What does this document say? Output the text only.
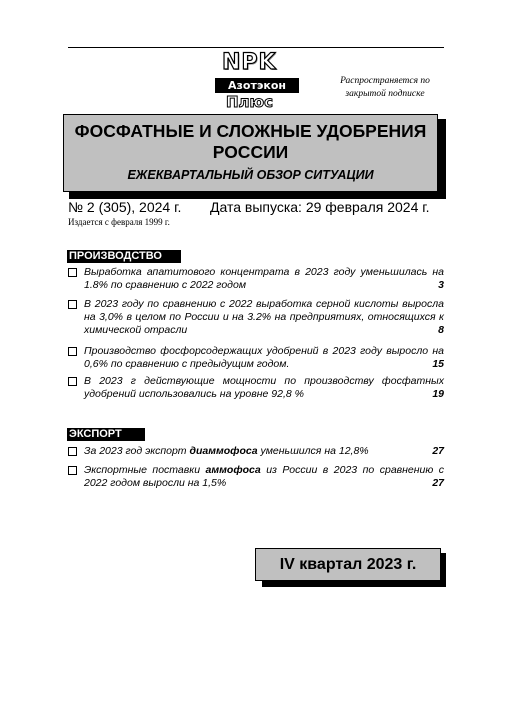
NPK
Азотэкон
Плюс
Распространяется по закрытой подписке
ФОСФАТНЫЕ И СЛОЖНЫЕ УДОБРЕНИЯ РОССИИ
ЕЖЕКВАРТАЛЬНЫЙ ОБЗОР СИТУАЦИИ
№ 2 (305), 2024 г. Дата выпуска: 29 февраля 2024 г.
Издается с февраля 1999 г.
ПРОИЗВОДСТВО
Выработка апатитового концентрата в 2023 году уменьшилась на 1.8% по сравнению с 2022 годом	3
В 2023 году по сравнению с 2022 выработка серной кислоты выросла на 3,0% в целом по России и на 3.2% на предприятиях, относящихся к химической отрасли	8
Производство фосфорсодержащих удобрений в 2023 году выросло на 0,6% по сравнению с предыдущим годом.	15
В 2023 г действующие мощности по производству фосфатных удобрений использовались на уровне 92,8 %	19
ЭКСПОРТ
За 2023 год экспорт диаммофоса уменьшился на 12,8%	27
Экспортные поставки аммофоса из России в 2023 по сравнению с 2022 годом выросли на 1,5%	27
IV квартал 2023 г.
